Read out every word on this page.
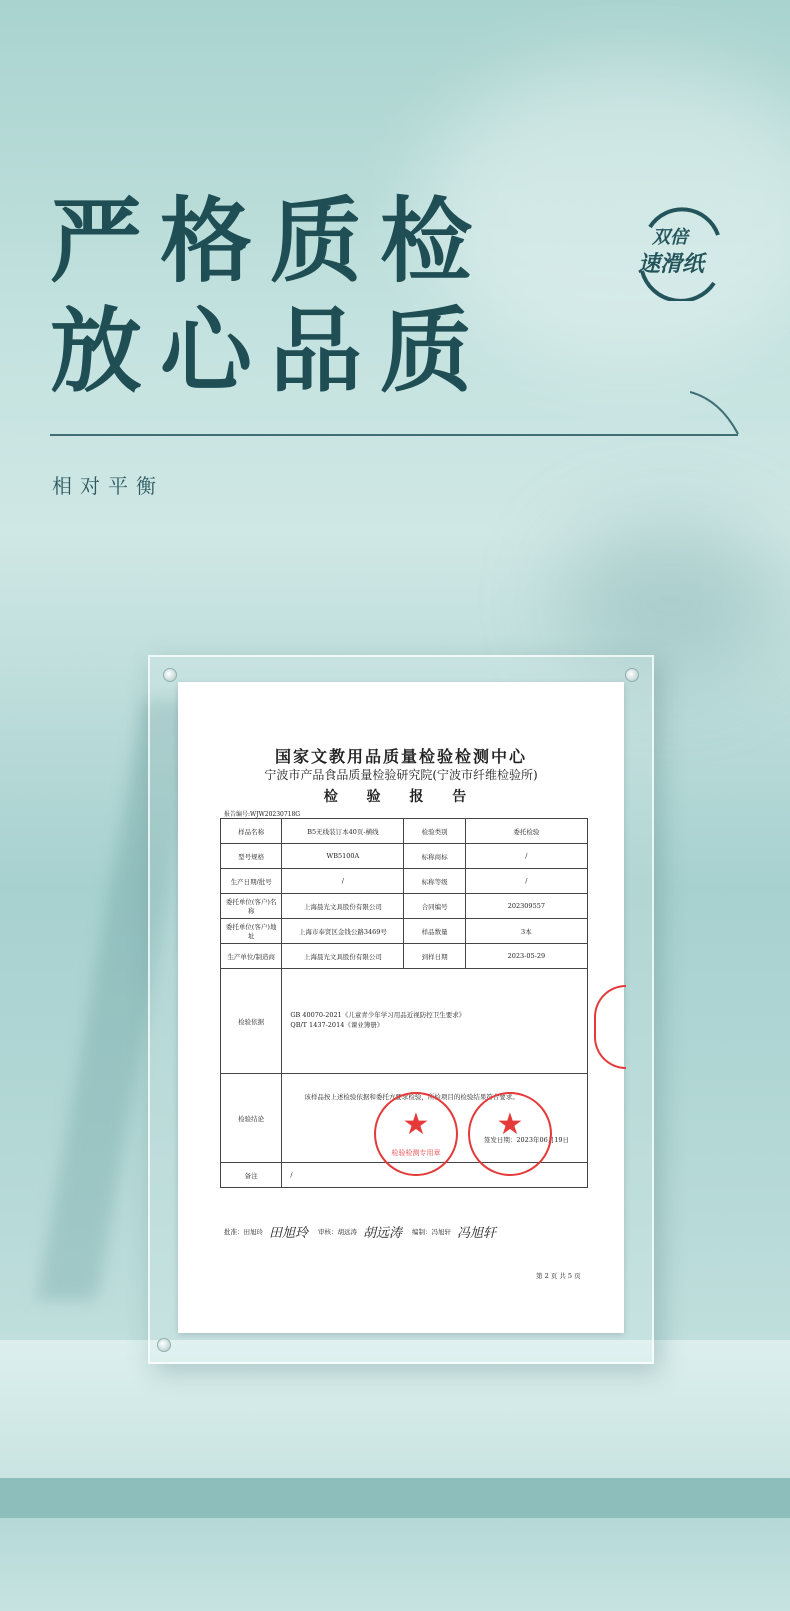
严格质检
放心品质
相对平衡
双倍
速滑纸
国家文教用品质量检验检测中心
宁波市产品食品质量检验研究院(宁波市纤维检验所)
检 验 报 告
报告编号:WJW20230718G
样品名称	B5无线装订本40页-横线	检验类别	委托检验
型号规格	WB5100A	标称商标	/
生产日期/批号	/	标称等级	/
委托单位(客户)名称	上海晨光文具股份有限公司	合同编号	202309557
委托单位(客户)地址	上海市奉贤区金钱公路3469号	样品数量	3本
生产单位/制造商	上海晨光文具股份有限公司	到样日期	2023-05-29
检验依据	GB 40070-2021《儿童青少年学习用品近视防控卫生要求》
QB/T 1437-2014《课业簿册》		

检验结论	该样品按上述检验依据和委托方要求检验，所检项目的检验结果符合要求。
签发日期：2023年06月19日		

备注	/		
★
检验检测专用章
★
批准：田旭玲 田旭玲 审核：胡远涛 胡远涛 编制：冯旭轩 冯旭轩
第 2 页 共 5 页
